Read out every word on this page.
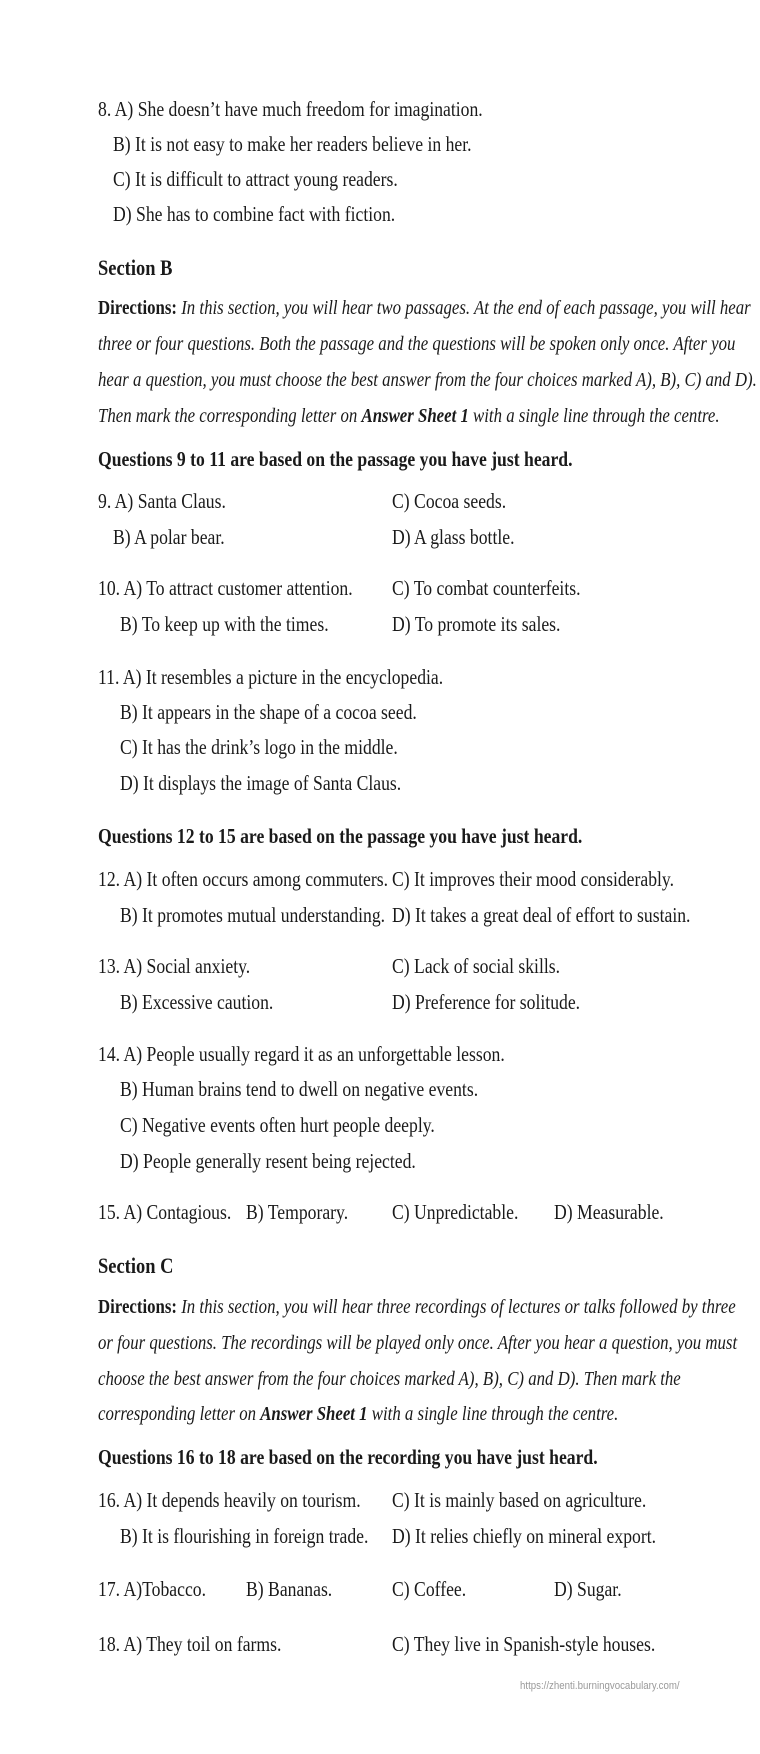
8. A) She doesn’t have much freedom for imagination.
B) It is not easy to make her readers believe in her.
C) It is difficult to attract young readers.
D) She has to combine fact with fiction.
Section B
Directions: In this section, you will hear two passages. At the end of each passage, you will hear
three or four questions. Both the passage and the questions will be spoken only once. After you
hear a question, you must choose the best answer from the four choices marked A), B), C) and D).
Then mark the corresponding letter on Answer Sheet 1 with a single line through the centre.
Questions 9 to 11 are based on the passage you have just heard.
9. A) Santa Claus.	C) Cocoa seeds.
B) A polar bear.	D) A glass bottle.
10. A) To attract customer attention. C) To combat counterfeits.
B) To keep up with the times.	D) To promote its sales.
11. A) It resembles a picture in the encyclopedia.
B) It appears in the shape of a cocoa seed.
C) It has the drink’s logo in the middle.
D) It displays the image of Santa Claus.
Questions 12 to 15 are based on the passage you have just heard.
12. A) It often occurs among commuters. C) It improves their mood considerably.
B) It promotes mutual understanding. D) It takes a great deal of effort to sustain.
13. A) Social anxiety.	C) Lack of social skills.
B) Excessive caution.	D) Preference for solitude.
14. A) People usually regard it as an unforgettable lesson.
B) Human brains tend to dwell on negative events.
C) Negative events often hurt people deeply.
D) People generally resent being rejected.
15. A) Contagious. B) Temporary. C) Unpredictable. D) Measurable.
Section C
Directions: In this section, you will hear three recordings of lectures or talks followed by three
or four questions. The recordings will be played only once. After you hear a question, you must
choose the best answer from the four choices marked A), B), C) and D). Then mark the
corresponding letter on Answer Sheet 1 with a single line through the centre.
Questions 16 to 18 are based on the recording you have just heard.
16. A) It depends heavily on tourism. C) It is mainly based on agriculture.
B) It is flourishing in foreign trade. D) It relies chiefly on mineral export.
17. A)Tobacco. B) Bananas.	C) Coffee.	D) Sugar.
18. A) They toil on farms.	C) They live in Spanish-style houses.
https://zhenti.burningvocabulary.com/
